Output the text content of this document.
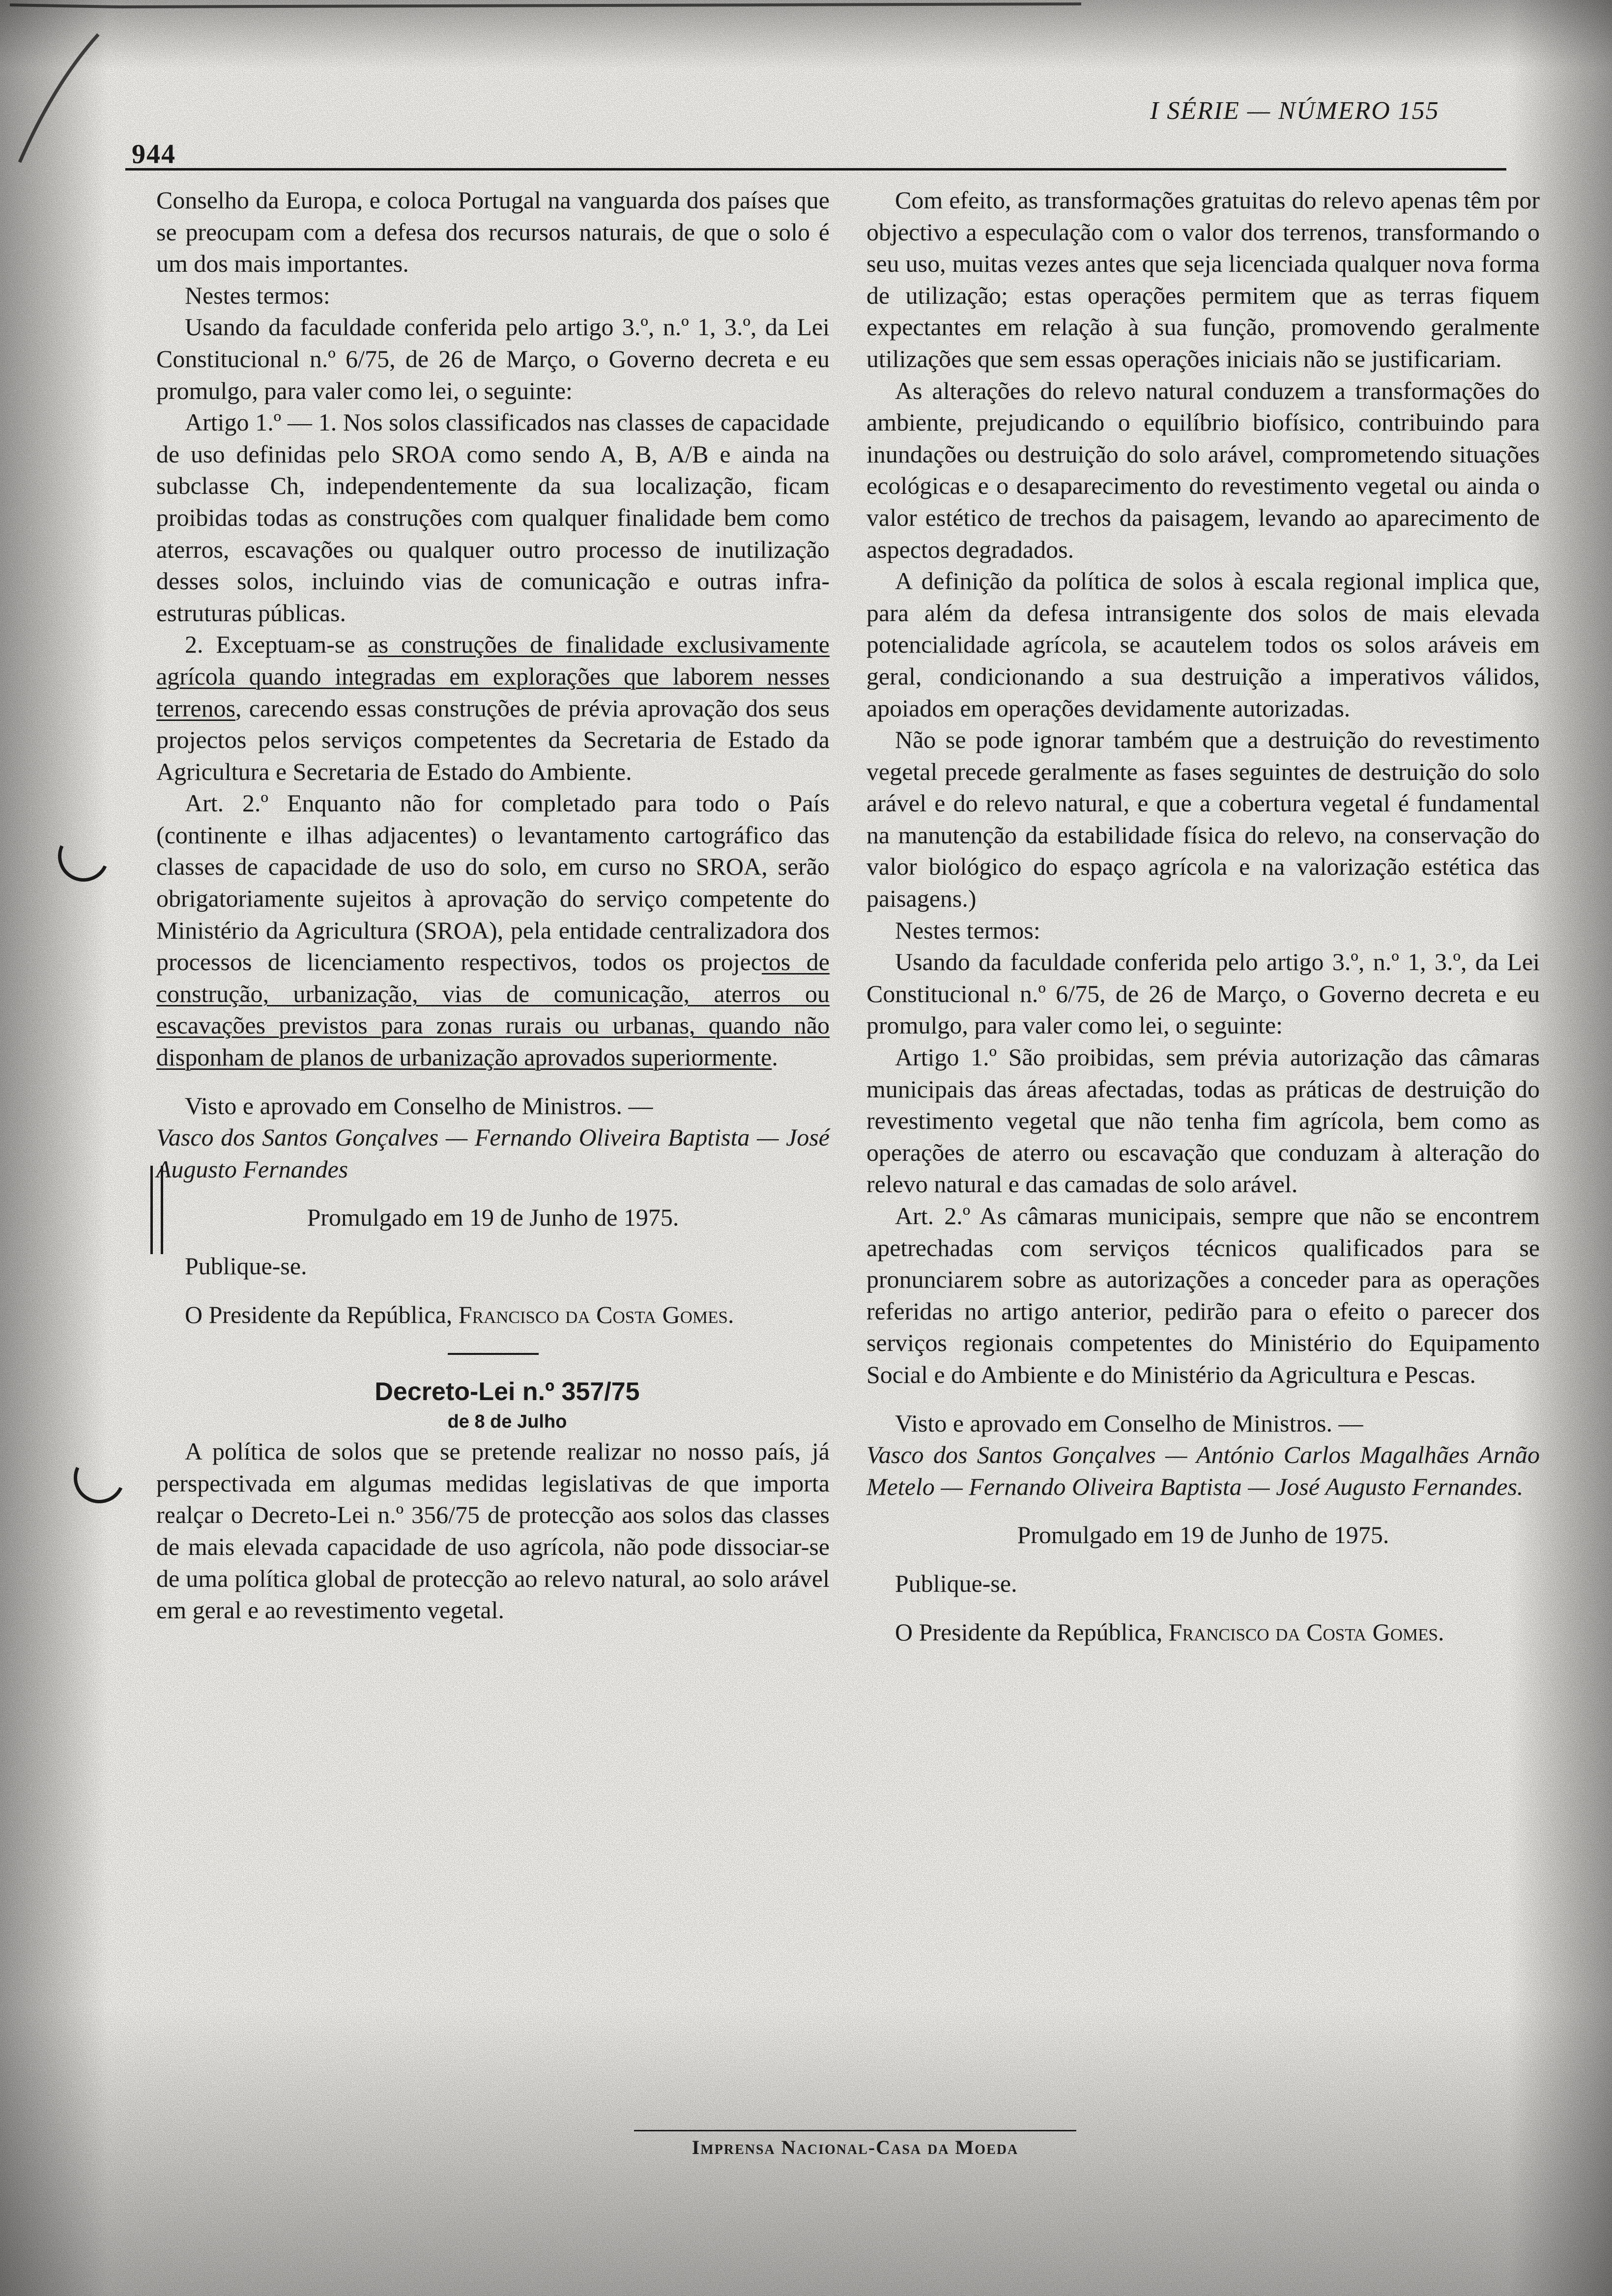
944
I SÉRIE — NÚMERO 155

Conselho da Europa, e coloca Portugal na vanguarda dos países que se preocupam com a defesa dos recursos naturais, de que o solo é um dos mais importantes.

Nestes termos:

Usando da faculdade conferida pelo artigo 3.º, n.º 1, 3.º, da Lei Constitucional n.º 6/75, de 26 de Março, o Governo decreta e eu promulgo, para valer como lei, o seguinte:

Artigo 1.º — 1. Nos solos classificados nas classes de capacidade de uso definidas pelo SROA como sendo A, B, A/B e ainda na subclasse Ch, independentemente da sua localização, ficam proibidas todas as construções com qualquer finalidade bem como aterros, escavações ou qualquer outro processo de inutilização desses solos, incluindo vias de comunicação e outras infra-estruturas públicas.

2. Exceptuam-se as construções de finalidade exclusivamente agrícola quando integradas em explorações que laborem nesses terrenos, carecendo essas construções de prévia aprovação dos seus projectos pelos serviços competentes da Secretaria de Estado da Agricultura e Secretaria de Estado do Ambiente.

Art. 2.º Enquanto não for completado para todo o País (continente e ilhas adjacentes) o levantamento cartográfico das classes de capacidade de uso do solo, em curso no SROA, serão obrigatoriamente sujeitos à aprovação do serviço competente do Ministério da Agricultura (SROA), pela entidade centralizadora dos processos de licenciamento respectivos, todos os projectos de construção, urbanização, vias de comunicação, aterros ou escavações previstos para zonas rurais ou urbanas, quando não disponham de planos de urbanização aprovados superiormente.

Visto e aprovado em Conselho de Ministros. —

Vasco dos Santos Gonçalves — Fernando Oliveira Baptista — José Augusto Fernandes

Promulgado em 19 de Junho de 1975.

Publique-se.

O Presidente da República, Francisco da Costa Gomes.

Decreto-Lei n.º 357/75

de 8 de Julho

A política de solos que se pretende realizar no nosso país, já perspectivada em algumas medidas legislativas de que importa realçar o Decreto-Lei n.º 356/75 de protecção aos solos das classes de mais elevada capacidade de uso agrícola, não pode dissociar-se de uma política global de protecção ao relevo natural, ao solo arável em geral e ao revestimento vegetal.

Com efeito, as transformações gratuitas do relevo apenas têm por objectivo a especulação com o valor dos terrenos, transformando o seu uso, muitas vezes antes que seja licenciada qualquer nova forma de utilização; estas operações permitem que as terras fiquem expectantes em relação à sua função, promovendo geralmente utilizações que sem essas operações iniciais não se justificariam.

As alterações do relevo natural conduzem a transformações do ambiente, prejudicando o equilíbrio biofísico, contribuindo para inundações ou destruição do solo arável, comprometendo situações ecológicas e o desaparecimento do revestimento vegetal ou ainda o valor estético de trechos da paisagem, levando ao aparecimento de aspectos degradados.

A definição da política de solos à escala regional implica que, para além da defesa intransigente dos solos de mais elevada potencialidade agrícola, se acautelem todos os solos aráveis em geral, condicionando a sua destruição a imperativos válidos, apoiados em operações devidamente autorizadas.

Não se pode ignorar também que a destruição do revestimento vegetal precede geralmente as fases seguintes de destruição do solo arável e do relevo natural, e que a cobertura vegetal é fundamental na manutenção da estabilidade física do relevo, na conservação do valor biológico do espaço agrícola e na valorização estética das paisagens.)

Nestes termos:

Usando da faculdade conferida pelo artigo 3.º, n.º 1, 3.º, da Lei Constitucional n.º 6/75, de 26 de Março, o Governo decreta e eu promulgo, para valer como lei, o seguinte:

Artigo 1.º São proibidas, sem prévia autorização das câmaras municipais das áreas afectadas, todas as práticas de destruição do revestimento vegetal que não tenha fim agrícola, bem como as operações de aterro ou escavação que conduzam à alteração do relevo natural e das camadas de solo arável.

Art. 2.º As câmaras municipais, sempre que não se encontrem apetrechadas com serviços técnicos qualificados para se pronunciarem sobre as autorizações a conceder para as operações referidas no artigo anterior, pedirão para o efeito o parecer dos serviços regionais competentes do Ministério do Equipamento Social e do Ambiente e do Ministério da Agricultura e Pescas.

Visto e aprovado em Conselho de Ministros. —

Vasco dos Santos Gonçalves — António Carlos Magalhães Arnão Metelo — Fernando Oliveira Baptista — José Augusto Fernandes.

Promulgado em 19 de Junho de 1975.

Publique-se.

O Presidente da República, Francisco da Costa Gomes.

Imprensa Nacional-Casa da Moeda
